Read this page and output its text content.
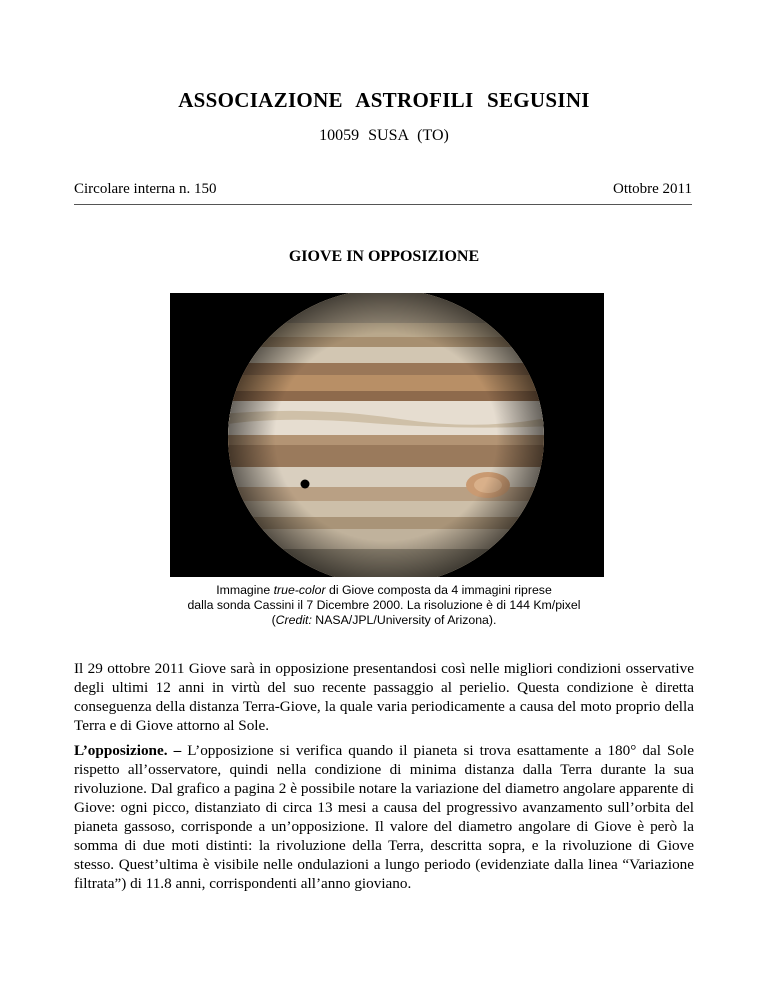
ASSOCIAZIONE ASTROFILI SEGUSINI
10059 SUSA (TO)
Circolare interna n. 150	Ottobre 2011
GIOVE IN OPPOSIZIONE
Immagine true-color di Giove composta da 4 immagini riprese
dalla sonda Cassini il 7 Dicembre 2000. La risoluzione è di 144 Km/pixel
(Credit: NASA/JPL/University of Arizona).
Il 29 ottobre 2011 Giove sarà in opposizione presentandosi così nelle migliori condizioni osservative degli ultimi 12 anni in virtù del suo recente passaggio al perielio. Questa condizione è diretta conseguenza della distanza Terra-Giove, la quale varia periodicamente a causa del moto proprio della Terra e di Giove attorno al Sole.
L’opposizione. – L’opposizione si verifica quando il pianeta si trova esattamente a 180° dal Sole rispetto all’osservatore, quindi nella condizione di minima distanza dalla Terra durante la sua rivoluzione. Dal grafico a pagina 2 è possibile notare la variazione del diametro angolare apparente di Giove: ogni picco, distanziato di circa 13 mesi a causa del progressivo avanzamento sull’orbita del pianeta gassoso, corrisponde a un’opposizione. Il valore del diametro angolare di Giove è però la somma di due moti distinti: la rivoluzione della Terra, descritta sopra, e la rivoluzione di Giove stesso. Quest’ultima è visibile nelle ondulazioni a lungo periodo (evidenziate dalla linea “Variazione filtrata”) di 11.8 anni, corrispondenti all’anno gioviano.
